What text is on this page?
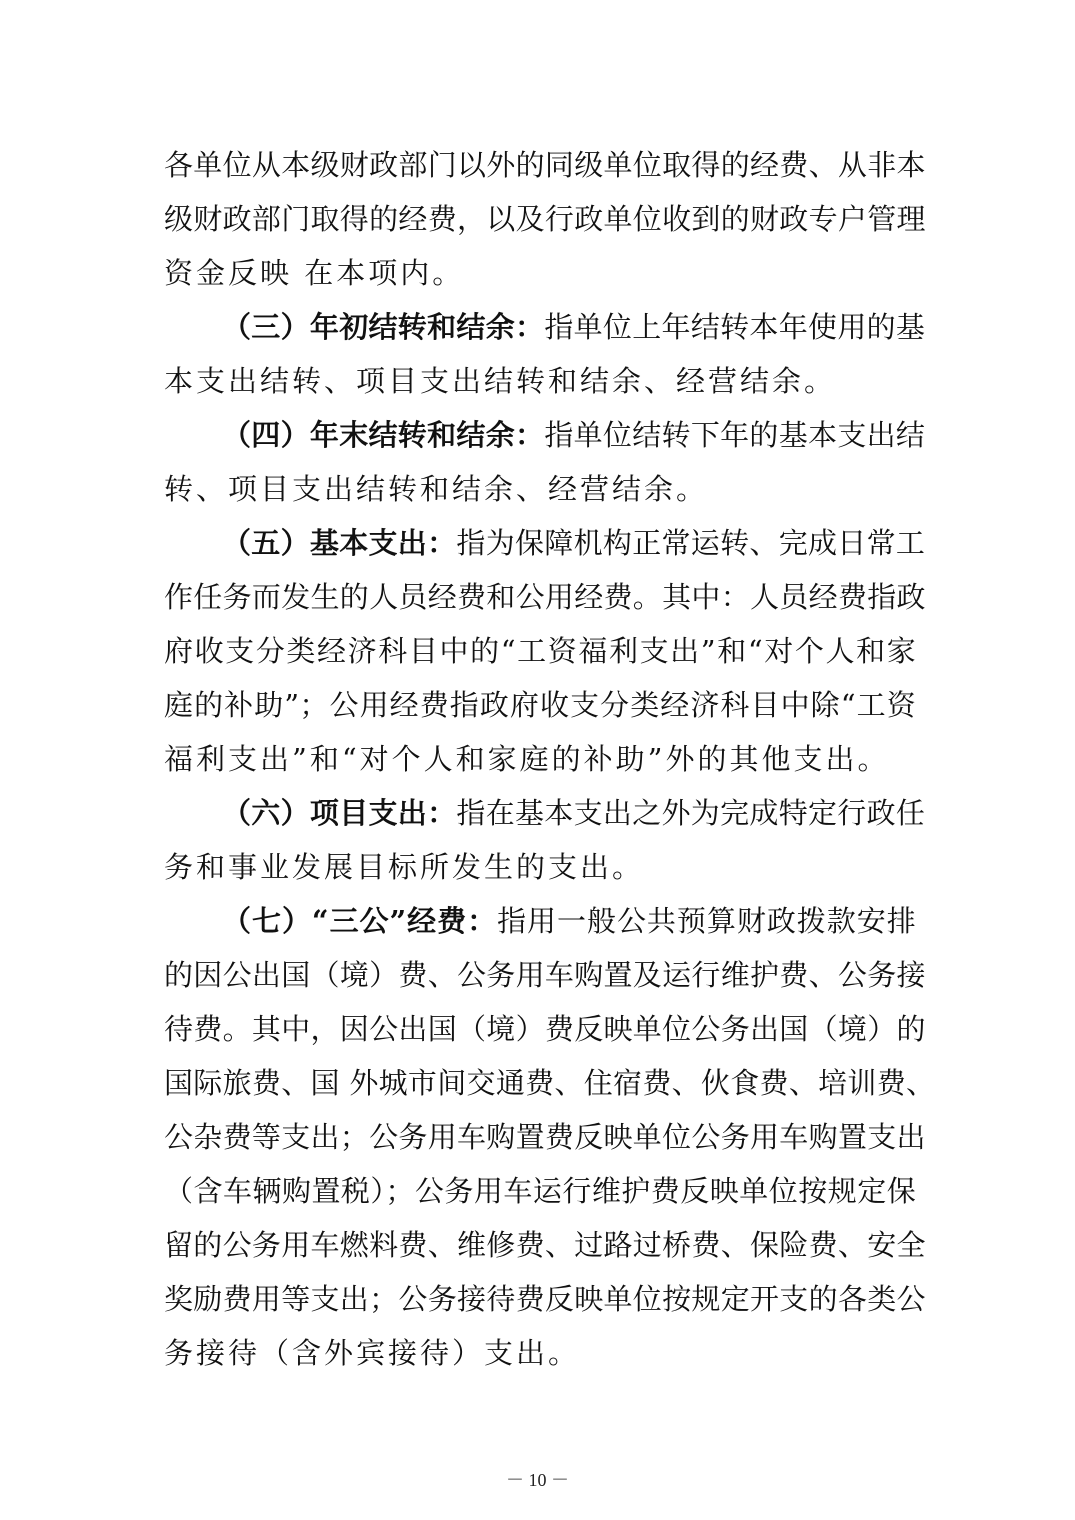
各单位从本级财政部门以外的同级单位取得的经费、从非本
级财政部门取得的经费，以及行政单位收到的财政专户管理
资金反映 在本项内。
（三）年初结转和结余：指单位上年结转本年使用的基
本支出结转、项目支出结转和结余、经营结余。
（四）年末结转和结余：指单位结转下年的基本支出结
转、项目支出结转和结余、经营结余。
（五）基本支出：指为保障机构正常运转、完成日常工
作任务而发生的人员经费和公用经费。其中：人员经费指政
府收支分类经济科目中的“工资福利支出”和“对个人和家
庭的补助”；公用经费指政府收支分类经济科目中除“工资
福利支出”和“对个人和家庭的补助”外的其他支出。
（六）项目支出：指在基本支出之外为完成特定行政任
务和事业发展目标所发生的支出。
（七）“三公”经费：指用一般公共预算财政拨款安排
的因公出国（境）费、公务用车购置及运行维护费、公务接
待费。其中，因公出国（境）费反映单位公务出国（境）的
国际旅费、国 外城市间交通费、住宿费、伙食费、培训费、
公杂费等支出；公务用车购置费反映单位公务用车购置支出
（含车辆购置税）；公务用车运行维护费反映单位按规定保
留的公务用车燃料费、维修费、过路过桥费、保险费、安全
奖励费用等支出；公务接待费反映单位按规定开支的各类公
务接待（含外宾接待）支出。
－ 10 －
